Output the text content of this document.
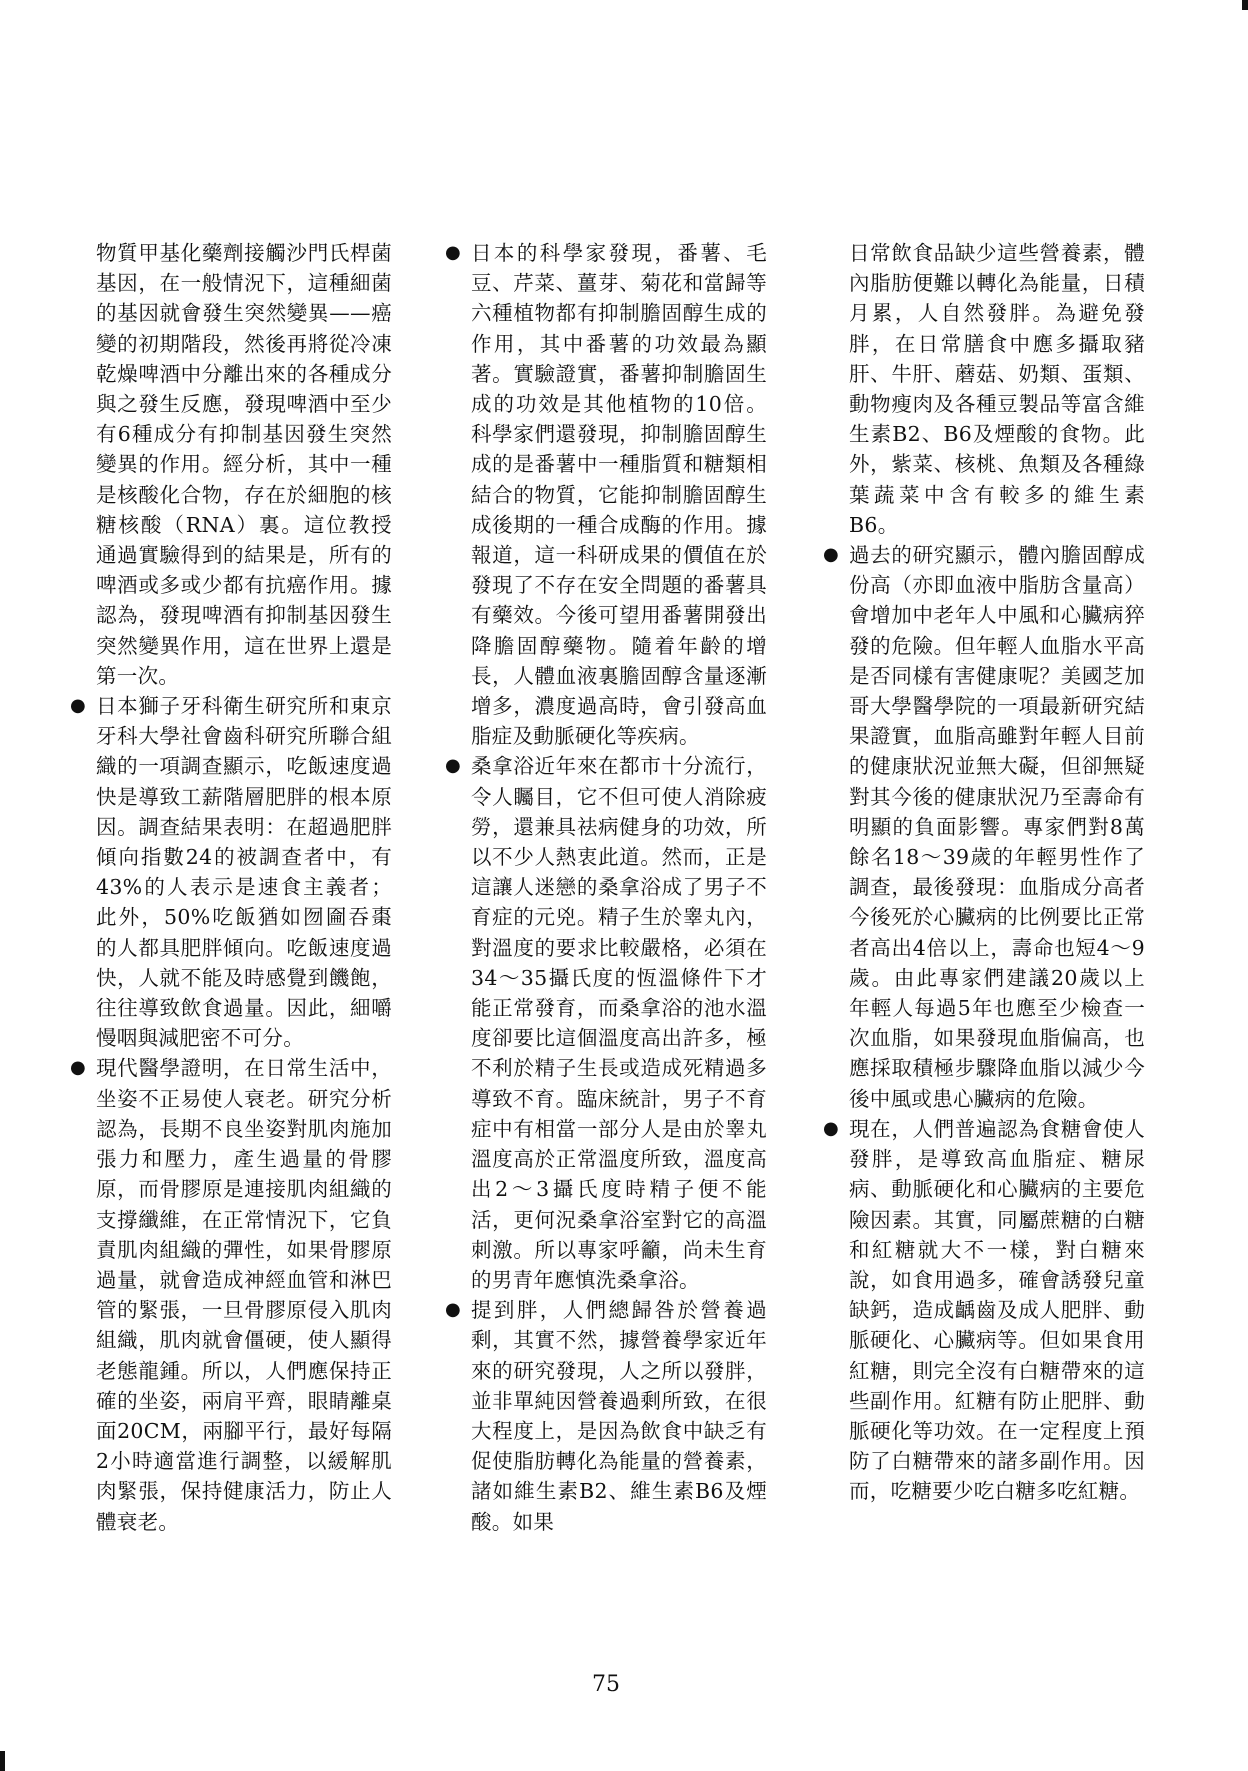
物質甲基化藥劑接觸沙門氏桿菌基因，在一般情況下，這種細菌的基因就會發生突然變異——癌變的初期階段，然後再將從冷凍乾燥啤酒中分離出來的各種成分與之發生反應，發現啤酒中至少有6種成分有抑制基因發生突然變異的作用。經分析，其中一種是核酸化合物，存在於細胞的核糖核酸（RNA）裏。這位教授通過實驗得到的結果是，所有的啤酒或多或少都有抗癌作用。據認為，發現啤酒有抑制基因發生突然變異作用，這在世界上還是第一次。

● 日本獅子牙科衛生研究所和東京牙科大學社會齒科研究所聯合組織的一項調查顯示，吃飯速度過快是導致工薪階層肥胖的根本原因。調查結果表明：在超過肥胖傾向指數24的被調查者中，有43%的人表示是速食主義者；此外，50%吃飯猶如囫圇吞棗的人都具肥胖傾向。吃飯速度過快，人就不能及時感覺到饑飽，往往導致飲食過量。因此，細嚼慢咽與減肥密不可分。
● 現代醫學證明，在日常生活中，坐姿不正易使人衰老。研究分析認為，長期不良坐姿對肌肉施加張力和壓力，產生過量的骨膠原，而骨膠原是連接肌肉組織的支撐纖維，在正常情況下，它負責肌肉組織的彈性，如果骨膠原過量，就會造成神經血管和淋巴管的緊張，一旦骨膠原侵入肌肉組織，肌肉就會僵硬，使人顯得老態龍鍾。所以，人們應保持正確的坐姿，兩肩平齊，眼睛離桌面20CM，兩腳平行，最好每隔2小時適當進行調整，以緩解肌肉緊張，保持健康活力，防止人體衰老。
● 日本的科學家發現，番薯、毛豆、芹菜、薑芽、菊花和當歸等六種植物都有抑制膽固醇生成的作用，其中番薯的功效最為顯著。實驗證實，番薯抑制膽固生成的功效是其他植物的10倍。科學家們還發現，抑制膽固醇生成的是番薯中一種脂質和糖類相結合的物質，它能抑制膽固醇生成後期的一種合成酶的作用。據報道，這一科研成果的價值在於發現了不存在安全問題的番薯具有藥效。今後可望用番薯開發出降膽固醇藥物。隨着年齡的增長，人體血液裏膽固醇含量逐漸增多，濃度過高時，會引發高血脂症及動脈硬化等疾病。
● 桑拿浴近年來在都市十分流行，令人矚目，它不但可使人消除疲勞，還兼具祛病健身的功效，所以不少人熱衷此道。然而，正是這讓人迷戀的桑拿浴成了男子不育症的元兇。精子生於睾丸內，對溫度的要求比較嚴格，必須在34～35攝氏度的恆溫條件下才能正常發育，而桑拿浴的池水溫度卻要比這個溫度高出許多，極不利於精子生長或造成死精過多導致不育。臨床統計，男子不育症中有相當一部分人是由於睾丸溫度高於正常溫度所致，溫度高出2～3攝氏度時精子便不能活，更何況桑拿浴室對它的高溫刺激。所以專家呼籲，尚未生育的男青年應慎洗桑拿浴。
● 提到胖，人們總歸咎於營養過剩，其實不然，據營養學家近年來的研究發現，人之所以發胖，並非單純因營養過剩所致，在很大程度上，是因為飲食中缺乏有促使脂肪轉化為能量的營養素，諸如維生素B2、維生素B6及煙酸。如果

日常飲食品缺少這些營養素，體內脂肪便難以轉化為能量，日積月累，人自然發胖。為避免發胖，在日常膳食中應多攝取豬肝、牛肝、蘑菇、奶類、蛋類、動物瘦肉及各種豆製品等富含維生素B2、B6及煙酸的食物。此外，紫菜、核桃、魚類及各種綠葉蔬菜中含有較多的維生素B6。

● 過去的研究顯示，體內膽固醇成份高（亦即血液中脂肪含量高）會增加中老年人中風和心臟病猝發的危險。但年輕人血脂水平高是否同樣有害健康呢？美國芝加哥大學醫學院的一項最新研究結果證實，血脂高雖對年輕人目前的健康狀況並無大礙，但卻無疑對其今後的健康狀況乃至壽命有明顯的負面影響。專家們對8萬餘名18～39歲的年輕男性作了調查，最後發現：血脂成分高者今後死於心臟病的比例要比正常者高出4倍以上，壽命也短4～9歲。由此專家們建議20歲以上年輕人每過5年也應至少檢查一次血脂，如果發現血脂偏高，也應採取積極步驟降血脂以減少今後中風或患心臟病的危險。
● 現在，人們普遍認為食糖會使人發胖，是導致高血脂症、糖尿病、動脈硬化和心臟病的主要危險因素。其實，同屬蔗糖的白糖和紅糖就大不一樣，對白糖來說，如食用過多，確會誘發兒童缺鈣，造成齲齒及成人肥胖、動脈硬化、心臟病等。但如果食用紅糖，則完全沒有白糖帶來的這些副作用。紅糖有防止肥胖、動脈硬化等功效。在一定程度上預防了白糖帶來的諸多副作用。因而，吃糖要少吃白糖多吃紅糖。
75
